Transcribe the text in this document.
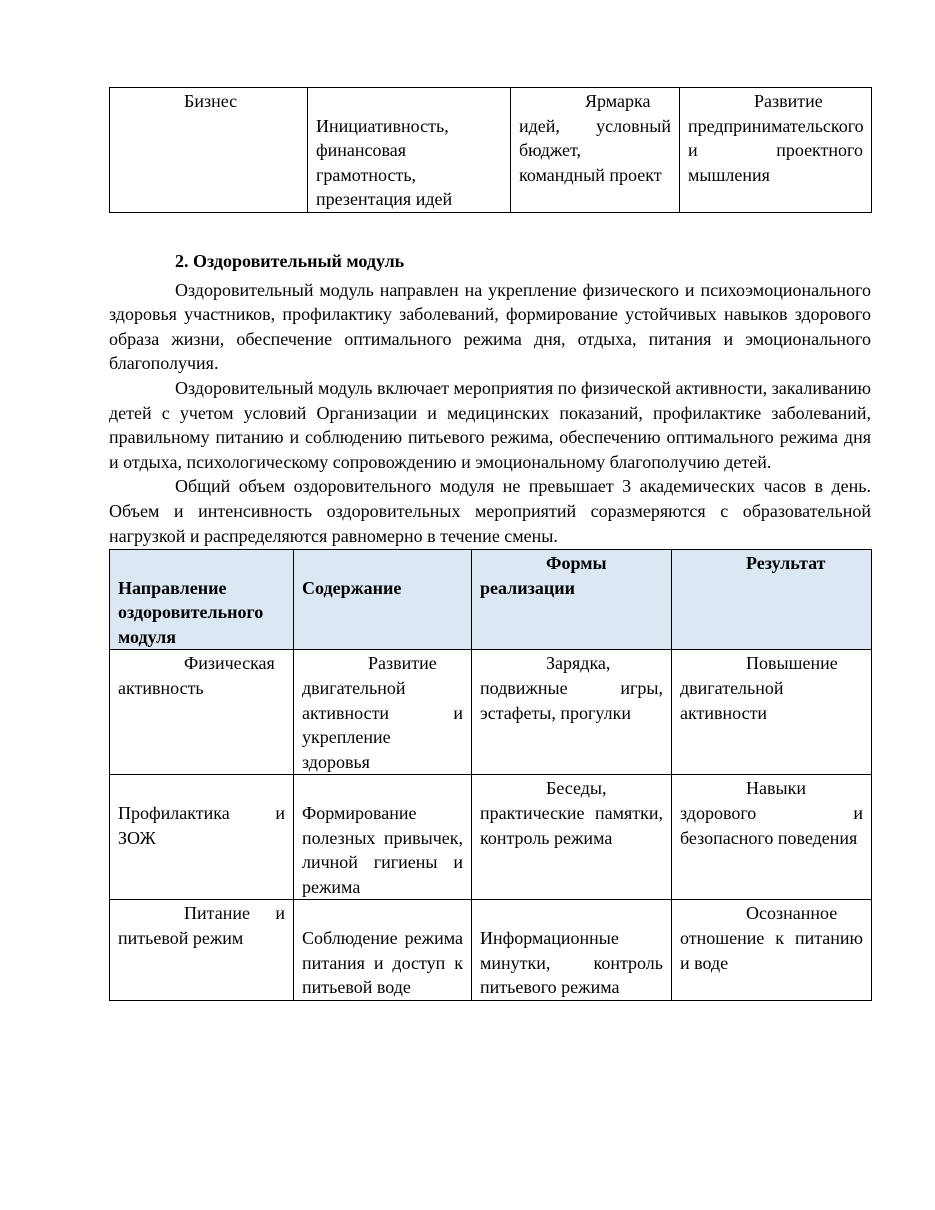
Бизнес	Инициативность, финансовая грамотность, презентация идей	Ярмарка идей, условный бюджет, командный проект	Развитие предпринимательского и проектного мышления
2. Оздоровительный модуль

Оздоровительный модуль направлен на укрепление физического и психоэмоционального здоровья участников, профилактику заболеваний, формирование устойчивых навыков здорового образа жизни, обеспечение оптимального режима дня, отдыха, питания и эмоционального благополучия.

Оздоровительный модуль включает мероприятия по физической активности, закаливанию детей с учетом условий Организации и медицинских показаний, профилактике заболеваний, правильному питанию и соблюдению питьевого режима, обеспечению оптимального режима дня и отдыха, психологическому сопровождению и эмоциональному благополучию детей.

Общий объем оздоровительного модуля не превышает 3 академических часов в день. Объем и интенсивность оздоровительных мероприятий соразмеряются с образовательной нагрузкой и распределяются равномерно в течение смены.

Направление оздоровительного модуля	Содержание	Формы реализации	Результат
Физическая активность	Развитие двигательной активности и укрепление здоровья	Зарядка, подвижные игры, эстафеты, прогулки	Повышение двигательной активности
Профилактика и ЗОЖ	Формирование полезных привычек, личной гигиены и режима	Беседы, практические памятки, контроль режима	Навыки здорового и безопасного поведения
Питание и питьевой режим	Соблюдение режима питания и доступ к питьевой воде	Информационные минутки, контроль питьевого режима	Осознанное отношение к питанию и воде
